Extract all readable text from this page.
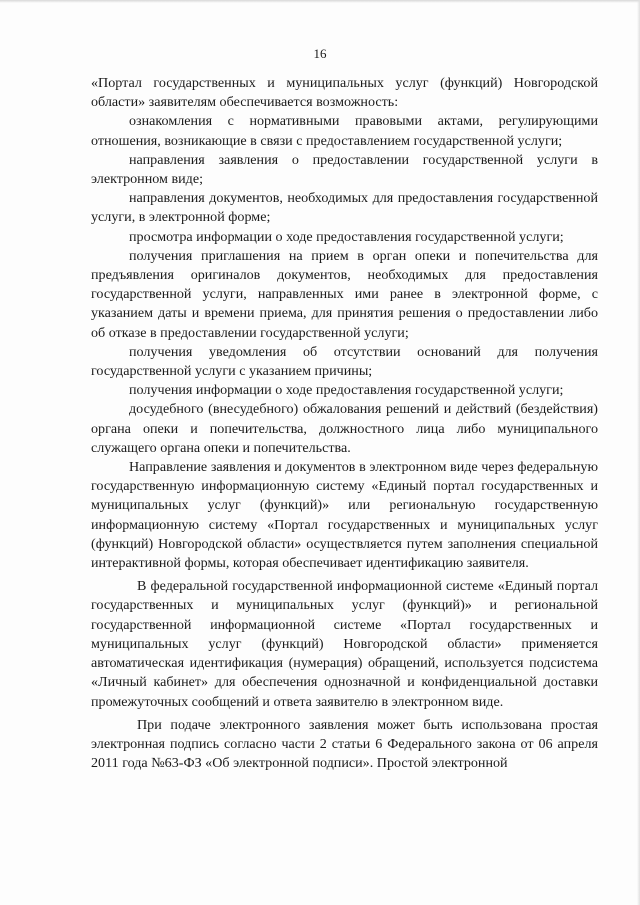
16

«Портал государственных и муниципальных услуг (функций) Новгородской области» заявителям обеспечивается возможность:

ознакомления с нормативными правовыми актами, регулирующими отношения, возникающие в связи с предоставлением государственной услуги;

направления заявления о предоставлении государственной услуги в электронном виде;

направления документов, необходимых для предоставления государственной услуги, в электронной форме;

просмотра информации о ходе предоставления государственной услуги;

получения приглашения на прием в орган опеки и попечительства для предъявления оригиналов документов, необходимых для предоставления государственной услуги, направленных ими ранее в электронной форме, с указанием даты и времени приема, для принятия решения о предоставлении либо об отказе в предоставлении государственной услуги;

получения уведомления об отсутствии оснований для получения государственной услуги с указанием причины;

получения информации о ходе предоставления государственной услуги;

досудебного (внесудебного) обжалования решений и действий (бездействия) органа опеки и попечительства, должностного лица либо муниципального служащего органа опеки и попечительства.

Направление заявления и документов в электронном виде через федеральную государственную информационную систему «Единый портал государственных и муниципальных услуг (функций)» или региональную государственную информационную систему «Портал государственных и муниципальных услуг (функций) Новгородской области» осуществляется путем заполнения специальной интерактивной формы, которая обеспечивает идентификацию заявителя.

В федеральной государственной информационной системе «Единый портал государственных и муниципальных услуг (функций)» и региональной государственной информационной системе «Портал государственных и муниципальных услуг (функций) Новгородской области» применяется автоматическая идентификация (нумерация) обращений, используется подсистема «Личный кабинет» для обеспечения однозначной и конфиденциальной доставки промежуточных сообщений и ответа заявителю в электронном виде.

При подаче электронного заявления может быть использована простая электронная подпись согласно части 2 статьи 6 Федерального закона от 06 апреля 2011 года №63-ФЗ «Об электронной подписи». Простой электронной
